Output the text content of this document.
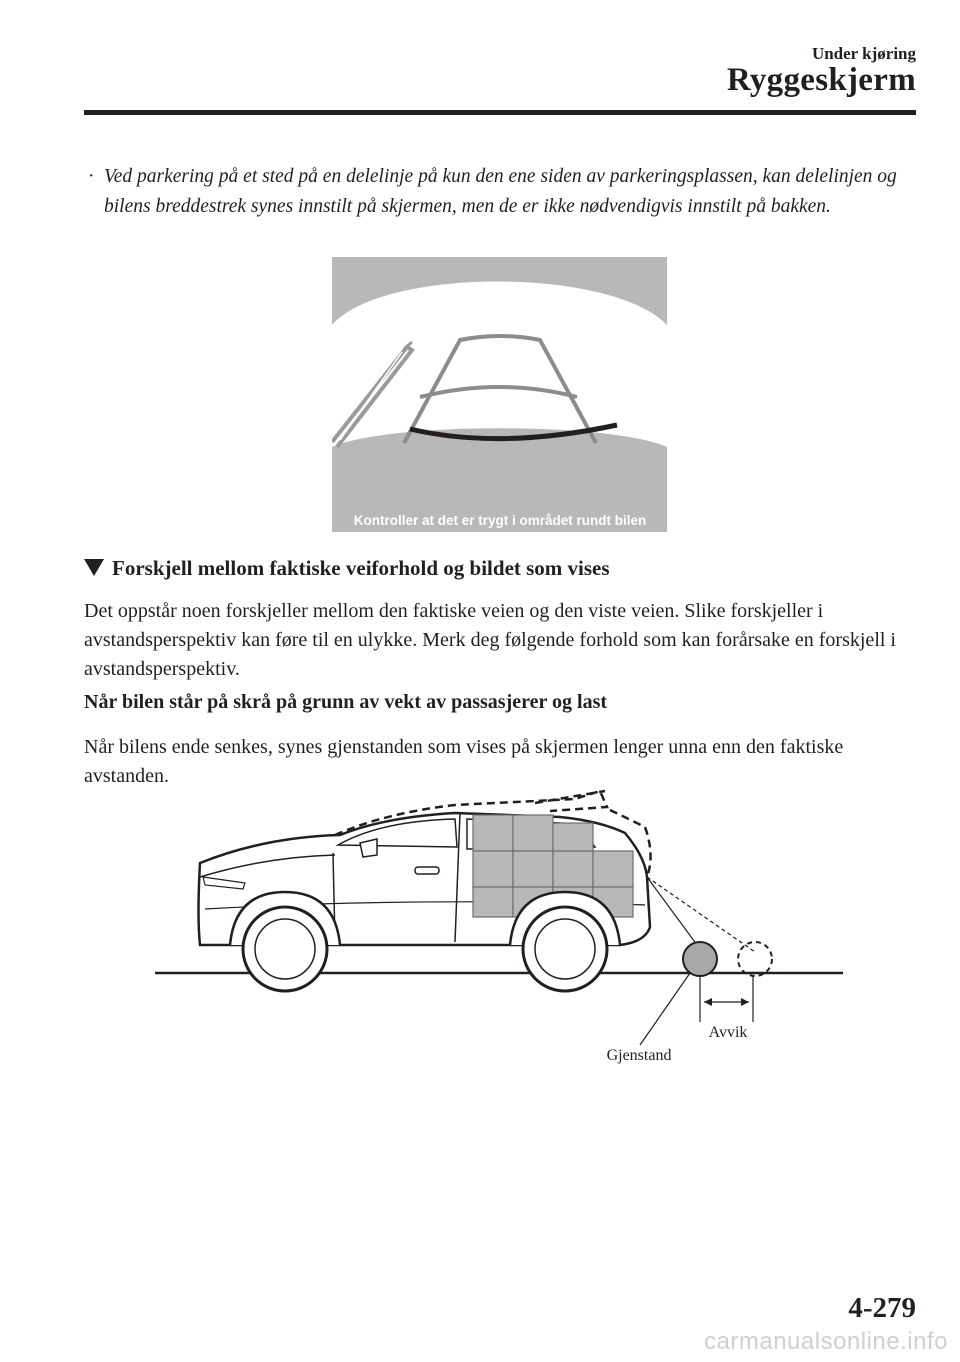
Under kjøring
Ryggeskjerm
· Ved parkering på et sted på en delelinje på kun den ene siden av parkeringsplassen, kan delelinjen og bilens breddestrek synes innstilt på skjermen, men de er ikke nødvendigvis innstilt på bakken.
Kontroller at det er trygt i området rundt bilen
Forskjell mellom faktiske veiforhold og bildet som vises
Det oppstår noen forskjeller mellom den faktiske veien og den viste veien. Slike forskjeller i avstandsperspektiv kan føre til en ulykke. Merk deg følgende forhold som kan forårsake en forskjell i avstandsperspektiv.
Når bilen står på skrå på grunn av vekt av passasjerer og last
Når bilens ende senkes, synes gjenstanden som vises på skjermen lenger unna enn den faktiske avstanden.
Avvik
Gjenstand
4-279
carmanualsonline.info
